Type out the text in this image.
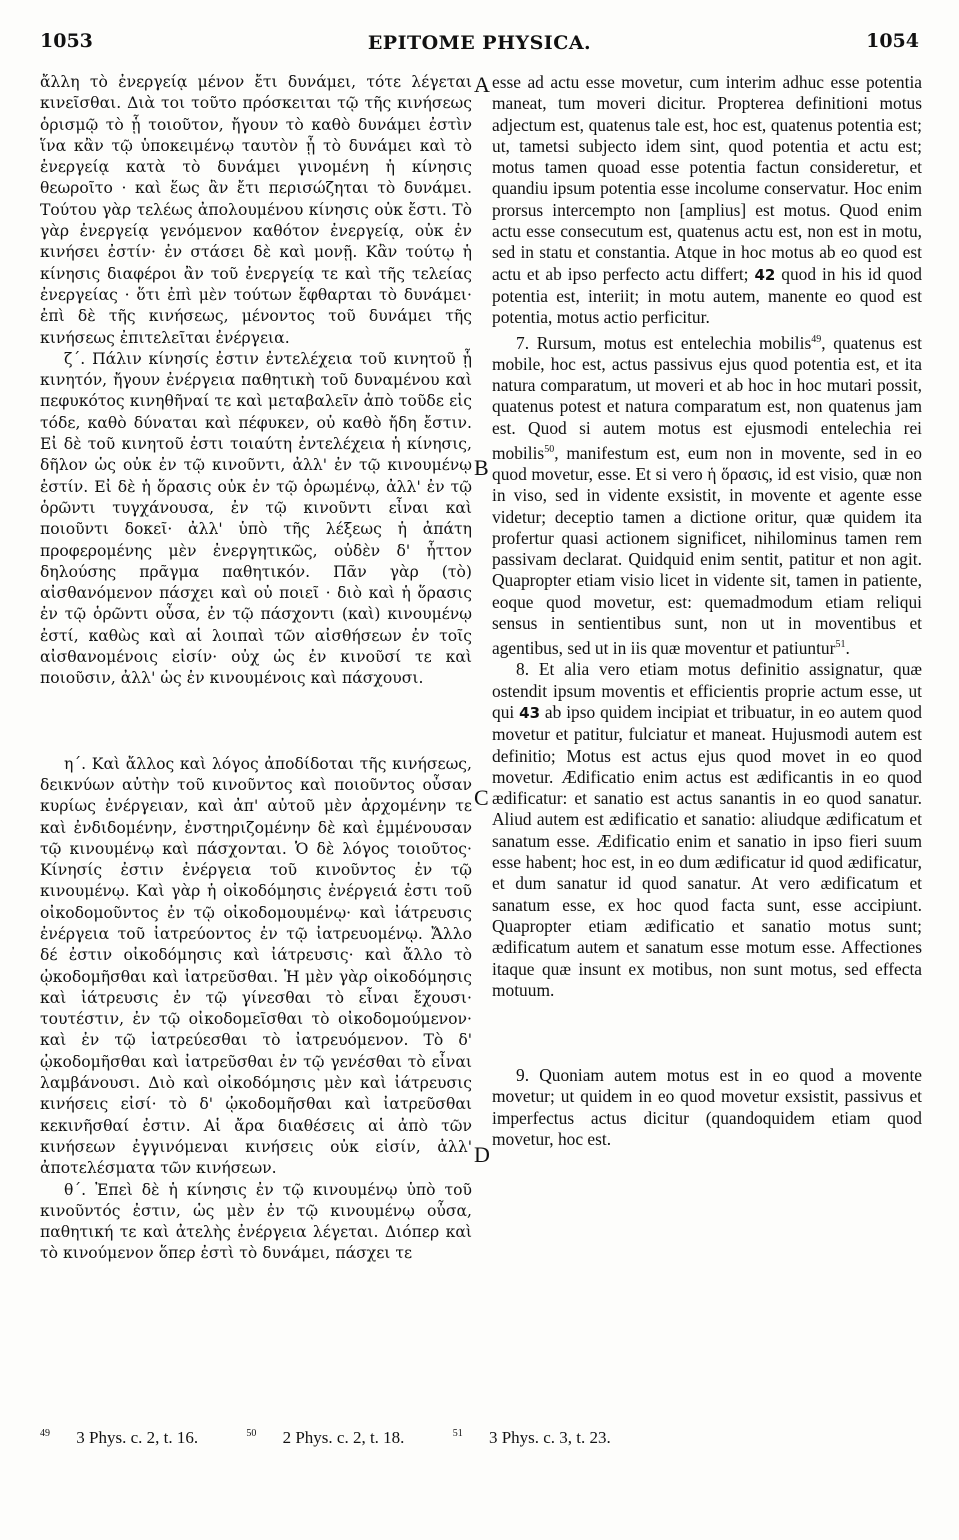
1053	EPITOME PHYSICA.	1054
A
B
C
D

ἄλλη τὸ ἐνεργείᾳ μένον ἔτι δυνάμει, τότε λέγεται κινεῖσθαι. Διὰ τοι τοῦτο πρόσκειται τῷ τῆς κινήσεως ὁρισμῷ τὸ ᾗ τοιοῦτον, ἤγουν τὸ καθὸ δυνάμει ἐστὶν ἵνα κἂν τῷ ὑποκειμένῳ ταυτὸν ᾖ τὸ δυνάμει καὶ τὸ ἐνεργείᾳ κατὰ τὸ δυνάμει γινομένη ἡ κίνησις θεωροῖτο · καὶ ἕως ἂν ἔτι περισώζηται τὸ δυνάμει. Τούτου γὰρ τελέως ἀπολουμένου κίνησις οὐκ ἔστι. Τὸ γὰρ ἐνεργείᾳ γενόμενον καθότον ἐνεργείᾳ, οὐκ ἐν κινήσει ἐστίν· ἐν στάσει δὲ καὶ μονῇ. Κἂν τούτῳ ἡ κίνησις διαφέροι ἂν τοῦ ἐνεργείᾳ τε καὶ τῆς τελείας ἐνεργείας · ὅτι ἐπὶ μὲν τούτων ἔφθαρται τὸ δυνάμει· ἐπὶ δὲ τῆς κινήσεως, μένοντος τοῦ δυνάμει τῆς κινήσεως ἐπιτελεῖται ἐνέργεια.

ζ΄. Πάλιν κίνησίς ἐστιν ἐντελέχεια τοῦ κινητοῦ ᾗ κινητόν, ἤγουν ἐνέργεια παθητικὴ τοῦ δυναμένου καὶ πεφυκότος κινηθῆναί τε καὶ μεταβαλεῖν ἀπὸ τοῦδε εἰς τόδε, καθὸ δύναται καὶ πέφυκεν, οὐ καθὸ ἤδη ἔστιν. Εἰ δὲ τοῦ κινητοῦ ἐστι τοιαύτη ἐντελέχεια ἡ κίνησις, δῆλον ὡς οὐκ ἐν τῷ κινοῦντι, ἀλλ' ἐν τῷ κινουμένῳ ἐστίν. Εἰ δὲ ἡ ὅρασις οὐκ ἐν τῷ ὁρωμένῳ, ἀλλ' ἐν τῷ ὁρῶντι τυγχάνουσα, ἐν τῷ κινοῦντι εἶναι καὶ ποιοῦντι δοκεῖ· ἀλλ' ὑπὸ τῆς λέξεως ἡ ἀπάτη προφερομένης μὲν ἐνεργητικῶς, οὐδὲν δ' ἧττον δηλούσης πρᾶγμα παθητικόν. Πᾶν γὰρ (τὸ) αἰσθανόμενον πάσχει καὶ οὐ ποιεῖ · διὸ καὶ ἡ ὅρασις ἐν τῷ ὁρῶντι οὖσα, ἐν τῷ πάσχοντι (καὶ) κινουμένῳ ἐστί, καθὼς καὶ αἱ λοιπαὶ τῶν αἰσθήσεων ἐν τοῖς αἰσθανομένοις εἰσίν· οὐχ ὡς ἐν κινοῦσί τε καὶ ποιοῦσιν, ἀλλ' ὡς ἐν κινουμένοις καὶ πάσχουσι.

η΄. Καὶ ἄλλος καὶ λόγος ἀποδίδοται τῆς κινήσεως, δεικνύων αὐτὴν τοῦ κινοῦντος καὶ ποιοῦντος οὖσαν κυρίως ἐνέργειαν, καὶ ἀπ' αὐτοῦ μὲν ἀρχομένην τε καὶ ἐνδιδομένην, ἐνστηριζομένην δὲ καὶ ἐμμένουσαν τῷ κινουμένῳ καὶ πάσχονται. Ὁ δὲ λόγος τοιοῦτος· Κίνησίς ἐστιν ἐνέργεια τοῦ κινοῦντος ἐν τῷ κινουμένῳ. Καὶ γὰρ ἡ οἰκοδόμησις ἐνέργειά ἐστι τοῦ οἰκοδομοῦντος ἐν τῷ οἰκοδομουμένῳ· καὶ ἰάτρευσις ἐνέργεια τοῦ ἰατρεύοντος ἐν τῷ ἰατρευομένῳ. Ἄλλο δέ ἐστιν οἰκοδόμησις καὶ ἰάτρευσις· καὶ ἄλλο τὸ ᾠκοδομῆσθαι καὶ ἰατρεῦσθαι. Ἡ μὲν γὰρ οἰκοδόμησις καὶ ἰάτρευσις ἐν τῷ γίνεσθαι τὸ εἶναι ἔχουσι· τουτέστιν, ἐν τῷ οἰκοδομεῖσθαι τὸ οἰκοδομούμενον· καὶ ἐν τῷ ἰατρεύεσθαι τὸ ἰατρευόμενον. Τὸ δ' ᾠκοδομῆσθαι καὶ ἰατρεῦσθαι ἐν τῷ γενέσθαι τὸ εἶναι λαμβάνουσι. Διὸ καὶ οἰκοδόμησις μὲν καὶ ἰάτρευσις κινήσεις εἰσί· τὸ δ' ᾠκοδομῆσθαι καὶ ἰατρεῦσθαι κεκινῆσθαί ἐστιν. Αἱ ἄρα διαθέσεις αἱ ἀπὸ τῶν κινήσεων ἐγγινόμεναι κινήσεις οὐκ εἰσίν, ἀλλ' ἀποτελέσματα τῶν κινήσεων.

θ΄. Ἐπεὶ δὲ ἡ κίνησις ἐν τῷ κινουμένῳ ὑπὸ τοῦ κινοῦντός ἐστιν, ὡς μὲν ἐν τῷ κινουμένῳ οὖσα, παθητική τε καὶ ἀτελὴς ἐνέργεια λέγεται. Διόπερ καὶ τὸ κινούμενον ὅπερ ἐστὶ τὸ δυνάμει, πάσχει τε

esse ad actu esse movetur, cum interim adhuc esse potentia maneat, tum moveri dicitur. Propterea definitioni motus adjectum est, quatenus tale est, hoc est, quatenus potentia est; ut, tametsi subjecto idem sint, quod potentia et actu est; motus tamen quoad esse potentia factun consideretur, et quandiu ipsum potentia esse incolume conservatur. Hoc enim prorsus intercempto non [amplius] est motus. Quod enim actu esse consecutum est, quatenus actu est, non est in motu, sed in statu et constantia. Atque in hoc motus ab eo quod est actu et ab ipso perfecto actu differt; 42 quod in his id quod potentia est, interiit; in motu autem, manente eo quod est potentia, motus actio perficitur.

7. Rursum, motus est entelechia mobilis$^{49}$, quatenus est mobile, hoc est, actus passivus ejus quod potentia est, et ita natura comparatum, ut moveri et ab hoc in hoc mutari possit, quatenus potest et natura comparatum est, non quatenus jam est. Quod si autem motus est ejusmodi entelechia rei mobilis$^{50}$, manifestum est, eum non in movente, sed in eo quod movetur, esse. Et si vero ἡ ὅρασις, id est visio, quæ non in viso, sed in vidente exsistit, in movente et agente esse videtur; deceptio tamen a dictione oritur, quæ quidem ita profertur quasi actionem significet, nihilominus tamen rem passivam declarat. Quidquid enim sentit, patitur et non agit. Quapropter etiam visio licet in vidente sit, tamen in patiente, eoque quod movetur, est: quemadmodum etiam reliqui sensus in sentientibus sunt, non ut in moventibus et agentibus, sed ut in iis quæ moventur et patiuntur$^{51}$.

8. Et alia vero etiam motus definitio assignatur, quæ ostendit ipsum moventis et efficientis proprie actum esse, ut qui 43 ab ipso quidem incipiat et tribuatur, in eo autem quod movetur et patitur, fulciatur et maneat. Hujusmodi autem est definitio; Motus est actus ejus quod movet in eo quod movetur. Ædificatio enim actus est ædificantis in eo quod ædificatur: et sanatio est actus sanantis in eo quod sanatur. Aliud autem est ædificatio et sanatio: aliudque ædificatum et sanatum esse. Ædificatio enim et sanatio in ipso fieri suum esse habent; hoc est, in eo dum ædificatur id quod ædificatur, et dum sanatur id quod sanatur. At vero ædificatum et sanatum esse, ex hoc quod facta sunt, esse accipiunt. Quapropter etiam ædificatio et sanatio motus sunt; ædificatum autem et sanatum esse motum esse. Affectiones itaque quæ insunt ex motibus, non sunt motus, sed effecta motuum.

9. Quoniam autem motus est in eo quod a movente movetur; ut quidem in eo quod movetur exsistit, passivus et imperfectus actus dicitur (quandoquidem etiam quod movetur, hoc est.

$^{49}$ 3 Phys. c. 2, t. 16.	$^{50}$ 2 Phys. c. 2, t. 18.	$^{51}$ 3 Phys. c. 3, t. 23.
